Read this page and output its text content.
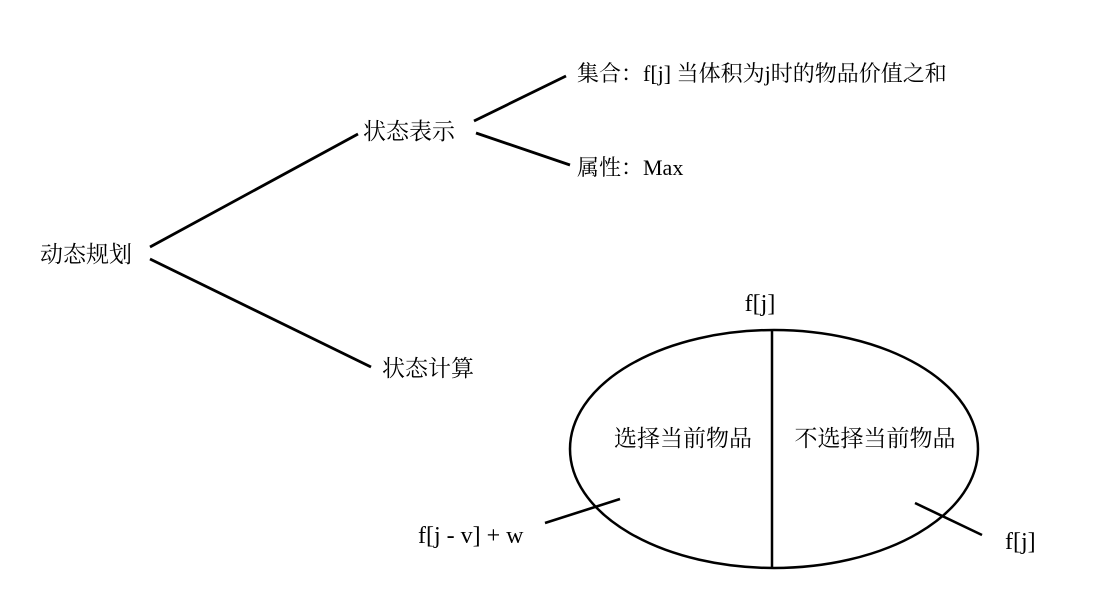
动态规划
状态表示
状态计算
集合：f[j] 当体积为j时的物品价值之和
属性：Max
f[j]
选择当前物品 不选择当前物品
f[j - v] + w	f[j]
